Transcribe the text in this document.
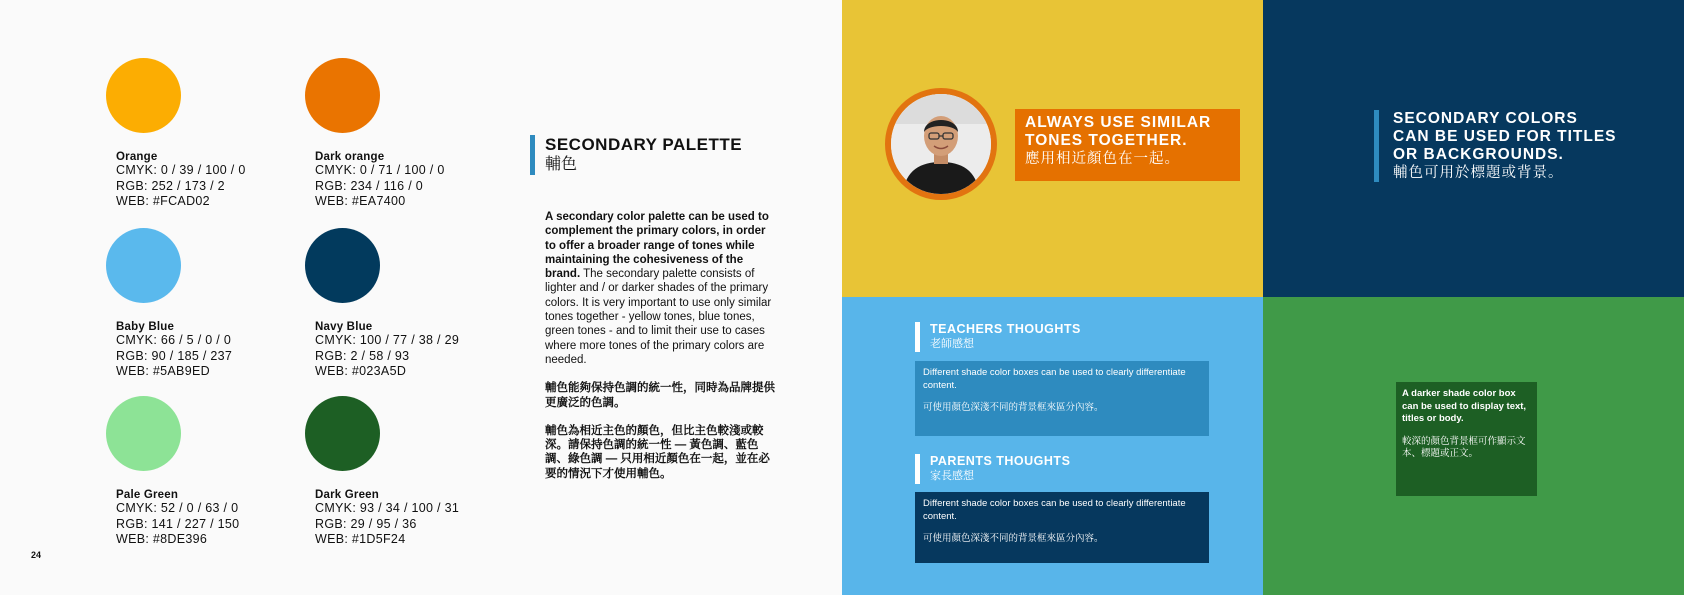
Orange
CMYK: 0 / 39 / 100 / 0
RGB: 252 / 173 / 2
WEB: #FCAD02
Dark orange
CMYK: 0 / 71 / 100 / 0
RGB: 234 / 116 / 0
WEB: #EA7400
Baby Blue
CMYK: 66 / 5 / 0 / 0
RGB: 90 / 185 / 237
WEB: #5AB9ED
Navy Blue
CMYK: 100 / 77 / 38 / 29
RGB: 2 / 58 / 93
WEB: #023A5D
Pale Green
CMYK: 52 / 0 / 63 / 0
RGB: 141 / 227 / 150
WEB: #8DE396
Dark Green
CMYK: 93 / 34 / 100 / 31
RGB: 29 / 95 / 36
WEB: #1D5F24
24
SECONDARY PALETTE
輔色

A secondary color palette can be used to complement the primary colors, in order to offer a broader range of tones while maintaining the cohesiveness of the brand. The secondary palette consists of lighter and / or darker shades of the primary colors. It is very important to use only similar tones together - yellow tones, blue tones, green tones - and to limit their use to cases where more tones of the primary colors are needed.

輔色能夠保持色調的統一性，同時為品牌提供更廣泛的色調。

輔色為相近主色的顏色，但比主色較淺或較深。請保持色調的統一性 — 黃色調、藍色調、綠色調 — 只用相近顏色在一起，並在必要的情況下才使用輔色。

ALWAYS USE SIMILAR
TONES TOGETHER.
應用相近顏色在一起。
SECONDARY COLORS
CAN BE USED FOR TITLES
OR BACKGROUNDS.
輔色可用於標題或背景。
TEACHERS THOUGHTS
老師感想

Different shade color boxes can be used to clearly differentiate content.

可使用顏色深淺不同的背景框來區分內容。

PARENTS THOUGHTS
家長感想

Different shade color boxes can be used to clearly differentiate content.

可使用顏色深淺不同的背景框來區分內容。

A darker shade color box can be used to display text, titles or body.

較深的顏色背景框可作顯示文本、標題或正文。
